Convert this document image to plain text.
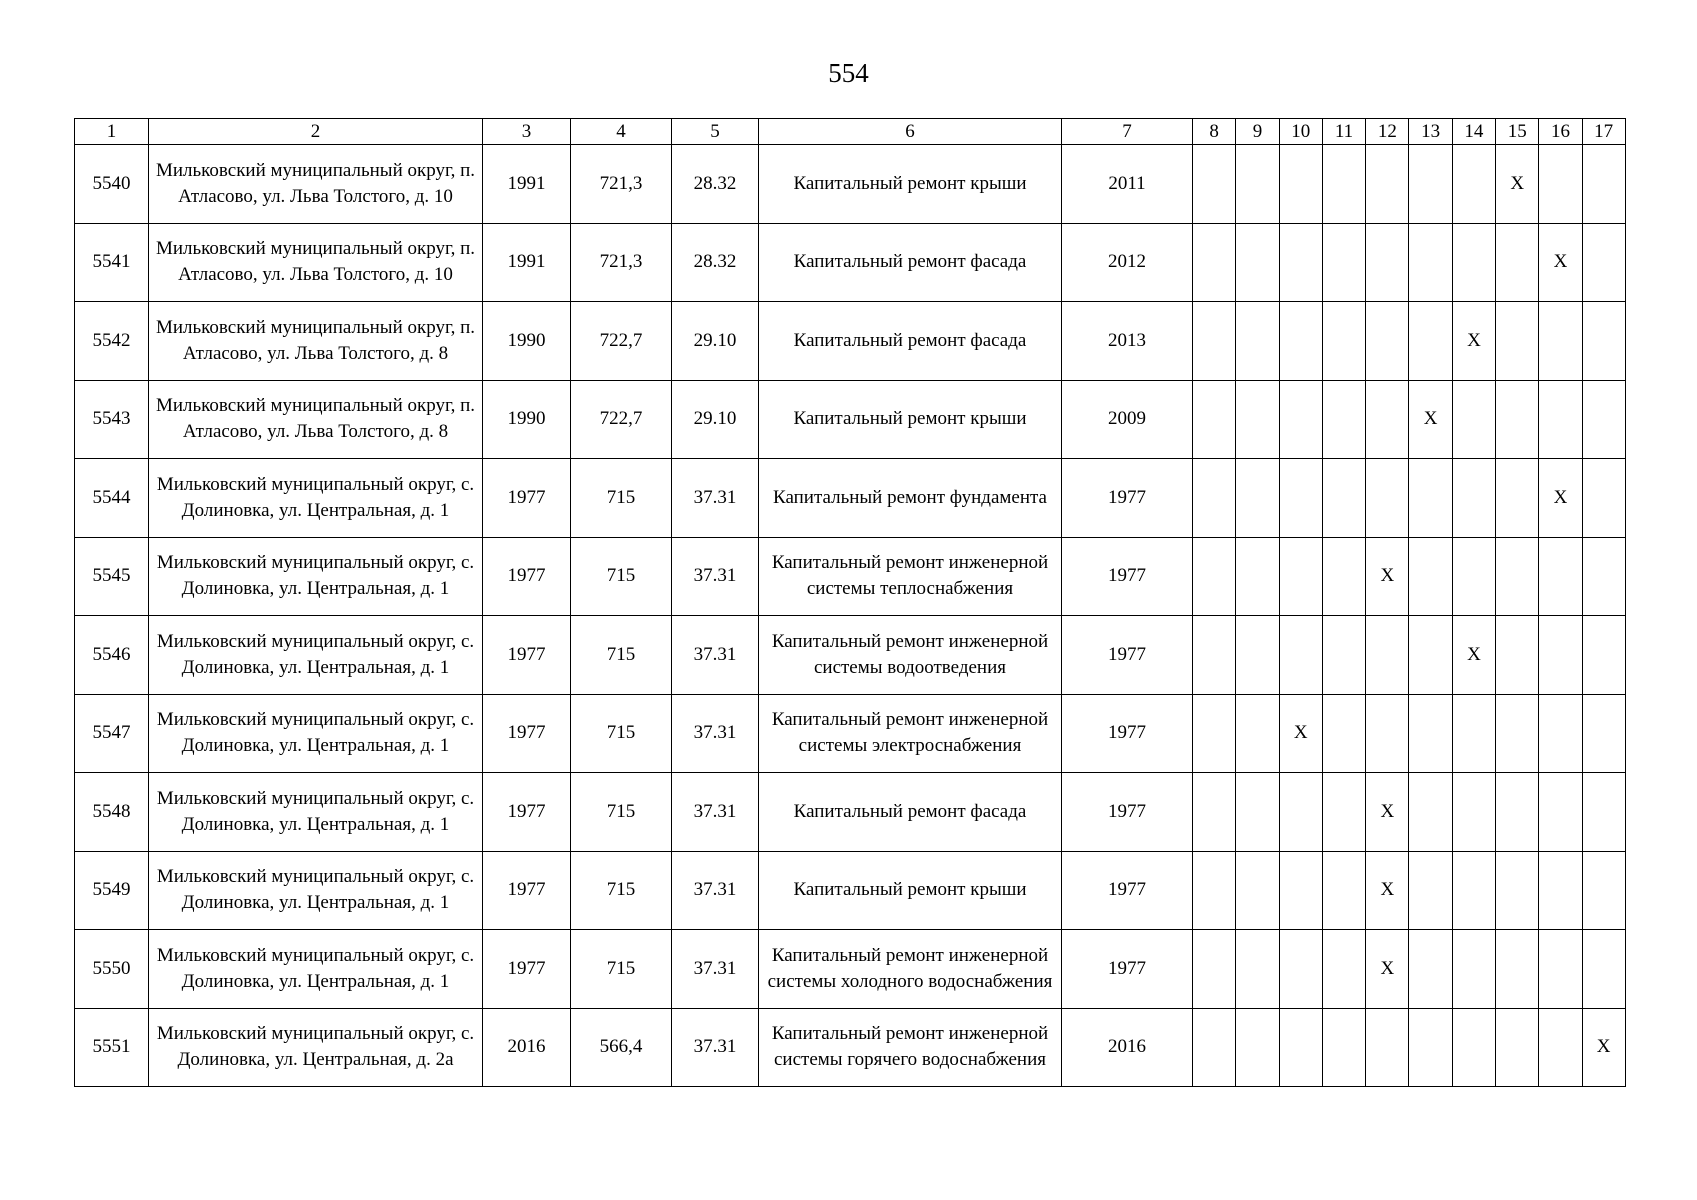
554
1	2	3	4	5	6	7	8	9	10	11	12	13	14	15	16	17
5540	Мильковский муниципальный округ, п. Атласово, ул. Льва Толстого, д. 10	1991	721,3	28.32	Капитальный ремонт крыши	2011								X		
5541	Мильковский муниципальный округ, п. Атласово, ул. Льва Толстого, д. 10	1991	721,3	28.32	Капитальный ремонт фасада	2012									X	
5542	Мильковский муниципальный округ, п. Атласово, ул. Льва Толстого, д. 8	1990	722,7	29.10	Капитальный ремонт фасада	2013							X			
5543	Мильковский муниципальный округ, п. Атласово, ул. Льва Толстого, д. 8	1990	722,7	29.10	Капитальный ремонт крыши	2009						X				
5544	Мильковский муниципальный округ, с. Долиновка, ул. Центральная, д. 1	1977	715	37.31	Капитальный ремонт фундамента	1977									X	
5545	Мильковский муниципальный округ, с. Долиновка, ул. Центральная, д. 1	1977	715	37.31	Капитальный ремонт инженерной системы теплоснабжения	1977					X					
5546	Мильковский муниципальный округ, с. Долиновка, ул. Центральная, д. 1	1977	715	37.31	Капитальный ремонт инженерной системы водоотведения	1977							X			
5547	Мильковский муниципальный округ, с. Долиновка, ул. Центральная, д. 1	1977	715	37.31	Капитальный ремонт инженерной системы электроснабжения	1977			X							
5548	Мильковский муниципальный округ, с. Долиновка, ул. Центральная, д. 1	1977	715	37.31	Капитальный ремонт фасада	1977					X					
5549	Мильковский муниципальный округ, с. Долиновка, ул. Центральная, д. 1	1977	715	37.31	Капитальный ремонт крыши	1977					X					
5550	Мильковский муниципальный округ, с. Долиновка, ул. Центральная, д. 1	1977	715	37.31	Капитальный ремонт инженерной системы холодного водоснабжения	1977					X					
5551	Мильковский муниципальный округ, с. Долиновка, ул. Центральная, д. 2а	2016	566,4	37.31	Капитальный ремонт инженерной системы горячего водоснабжения	2016										X
